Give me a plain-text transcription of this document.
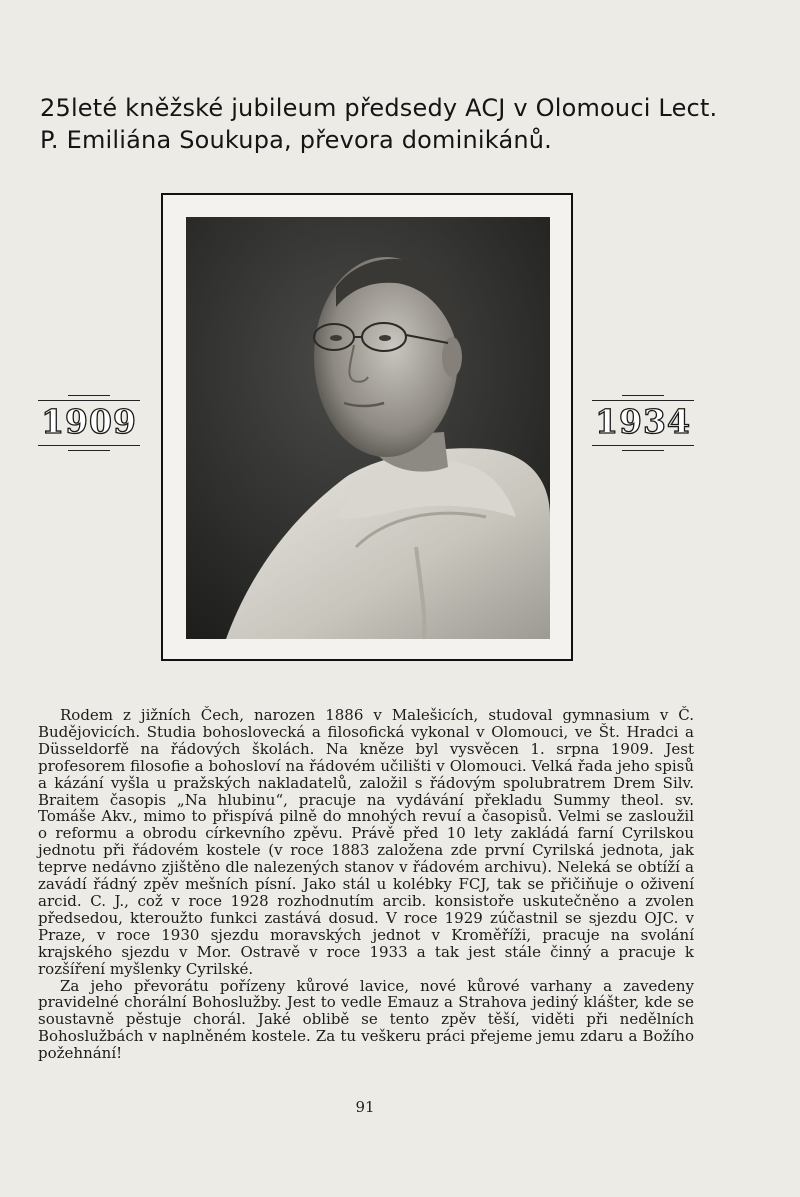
25leté kněžské jubileum předsedy ACJ v Olomouci Lect.
P. Emiliána Soukupa, převora dominikánů.
1909	1934

Rodem z jižních Čech, narozen 1886 v Malešicích, studoval gymnasium v Č. Budějovicích. Studia bohoslovecká a filosofická vykonal v Olomouci, ve Št. Hradci a Düsseldorfě na řádových školách. Na kněze byl vysvěcen 1. srpna 1909. Jest profesorem filosofie a bohosloví na řádovém učilišti v Olomouci. Velká řada jeho spisů a kázání vyšla u pražských nakladatelů, založil s řádovým spolubratrem Drem Silv. Braitem časopis „Na hlubinu“, pracuje na vydávání překladu Summy theol. sv. Tomáše Akv., mimo to přispívá pilně do mnohých revuí a časopisů. Velmi se zasloužil o reformu a obrodu církevního zpěvu. Právě před 10 lety zakládá farní Cyrilskou jednotu při řádovém kostele (v roce 1883 založena zde první Cyrilská jednota, jak teprve nedávno zjištěno dle nalezených stanov v řádovém archivu). Neleká se obtíží a zavádí řádný zpěv mešních písní. Jako stál u kolébky FCJ, tak se přičiňuje o oživení arcid. C. J., což v roce 1928 rozhodnutím arcib. konsistoře uskutečněno a zvolen předsedou, kteroužto funkci zastává dosud. V roce 1929 zúčastnil se sjezdu OJC. v Praze, v roce 1930 sjezdu moravských jednot v Kroměříži, pracuje na svolání krajského sjezdu v Mor. Ostravě v roce 1933 a tak jest stále činný a pracuje k rozšíření myšlenky Cyrilské.

Za jeho převorátu pořízeny kůrové lavice, nové kůrové varhany a zavedeny pravidelné chorální Bohoslužby. Jest to vedle Emauz a Strahova jediný klášter, kde se soustavně pěstuje chorál. Jaké oblibě se tento zpěv těší, viděti při nedělních Bohoslužbách v naplněném kostele. Za tu veškeru práci přejeme jemu zdaru a Božího požehnání!

91
